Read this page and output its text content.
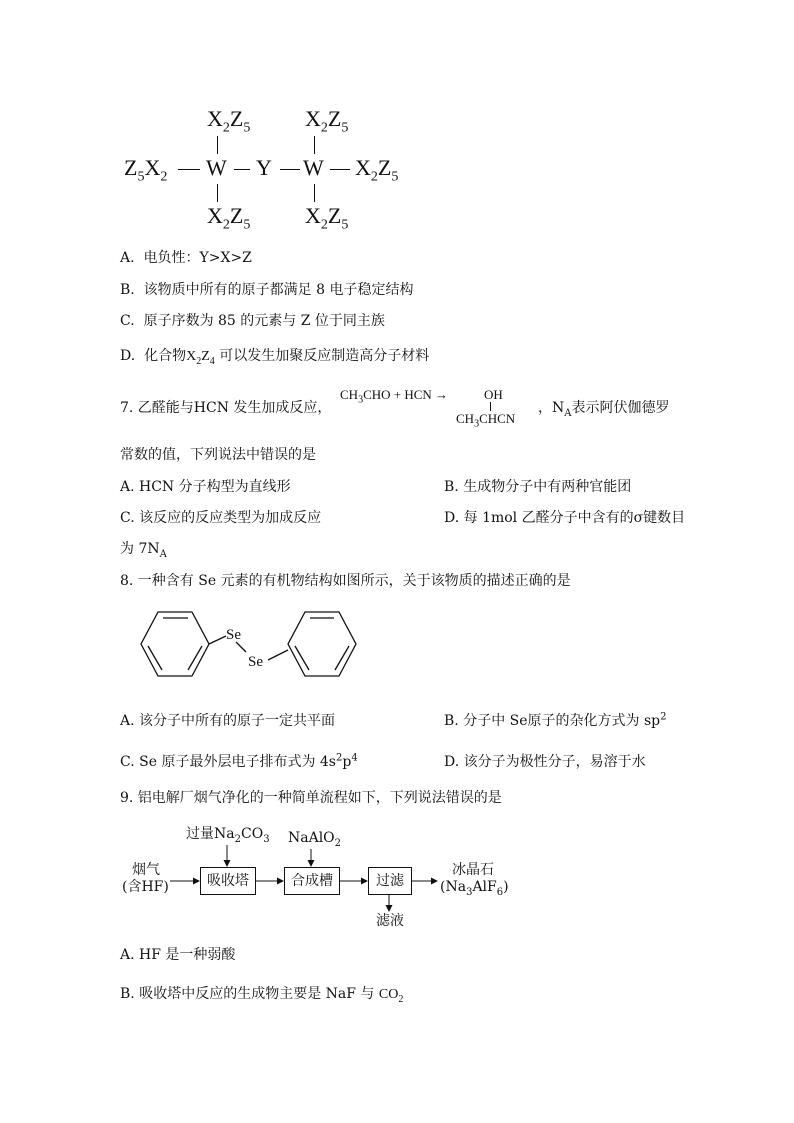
$X_2Z_5$ $X_2Z_5$
$Z_5X_2$ W Y W $X_2Z_5$
$X_2Z_5$ $X_2Z_5$
A. 电负性：Y>X>Z
B. 该物质中所有的原子都满足 8 电子稳定结构
C. 原子序数为 85 的元素与 Z 位于同主族
D. 化合物$X_2Z_4$ 可以发生加聚反应制造高分子材料
7. 乙醛能与HCN 发生加成反应，
$CH_3CHO$ + HCN →	OH
$CH_3CHCN$
，$N_A$表示阿伏伽德罗
常数的值，下列说法中错误的是
A. HCN 分子构型为直线形	B. 生成物分子中有两种官能团
C. 该反应的反应类型为加成反应	D. 每 1mol 乙醛分子中含有的σ键数目
为 $7N_A$
8. 一种含有 Se 元素的有机物结构如图所示，关于该物质的描述正确的是
Se
Se
A. 该分子中所有的原子一定共平面	B. 分子中 Se原子的杂化方式为 $sp^2$
C. Se 原子最外层电子排布式为 $4s^2p^4$	D. 该分子为极性分子，易溶于水
9. 铝电解厂烟气净化的一种简单流程如下，下列说法错误的是
过量$Na_2CO_3$ NaAlO$_2$
烟气
(含HF)	吸收塔	合成槽	过滤
冰晶石
$(Na_3AlF_6)$
滤液
A. HF 是一种弱酸
B. 吸收塔中反应的生成物主要是 NaF 与 $CO_2$
